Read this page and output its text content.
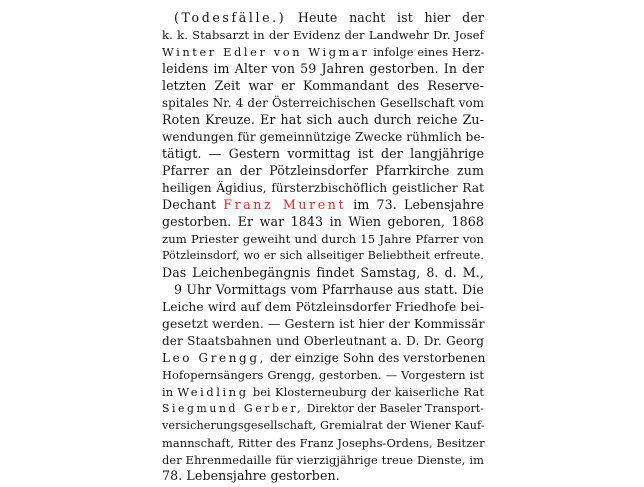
(Todesfälle.) Heute nacht ist hier der
k. k. Stabsarzt in der Evidenz der Landwehr Dr. Josef
Winter Edler von Wigmar infolge eines Herz-
leidens im Alter von 59 Jahren gestorben. In der
letzten Zeit war er Kommandant des Reserve-
spitales Nr. 4 der Österreichischen Gesellschaft vom
Roten Kreuze. Er hat sich auch durch reiche Zu-
wendungen für gemeinnützige Zwecke rühmlich be-
tätigt. — Gestern vormittag ist der langjährige
Pfarrer an der Pötzleinsdorfer Pfarrkirche zum
heiligen Ägidius, fürsterzbischöflich geistlicher Rat
Dechant Franz Murent im 73. Lebensjahre
gestorben. Er war 1843 in Wien geboren, 1868
zum Priester geweiht und durch 15 Jahre Pfarrer von
Pötzleinsdorf, wo er sich allseitiger Beliebtheit erfreute.
Das Leichenbegängnis findet Samstag, 8. d. M.,
9 Uhr Vormittags vom Pfarrhause aus statt. Die
Leiche wird auf dem Pötzleinsdorfer Friedhofe bei-
gesetzt werden. — Gestern ist hier der Kommissär
der Staatsbahnen und Oberleutnant a. D. Dr. Georg
Leo Grengg, der einzige Sohn des verstorbenen
Hofopernsängers Grengg, gestorben. — Vorgestern ist
in Weidling bei Klosterneuburg der kaiserliche Rat
Siegmund Gerber, Direktor der Baseler Transport-
versicherungsgesellschaft, Gremialrat der Wiener Kauf-
mannschaft, Ritter des Franz Josephs-Ordens, Besitzer
der Ehrenmedaille für vierzigjährige treue Dienste, im
78. Lebensjahre gestorben.
